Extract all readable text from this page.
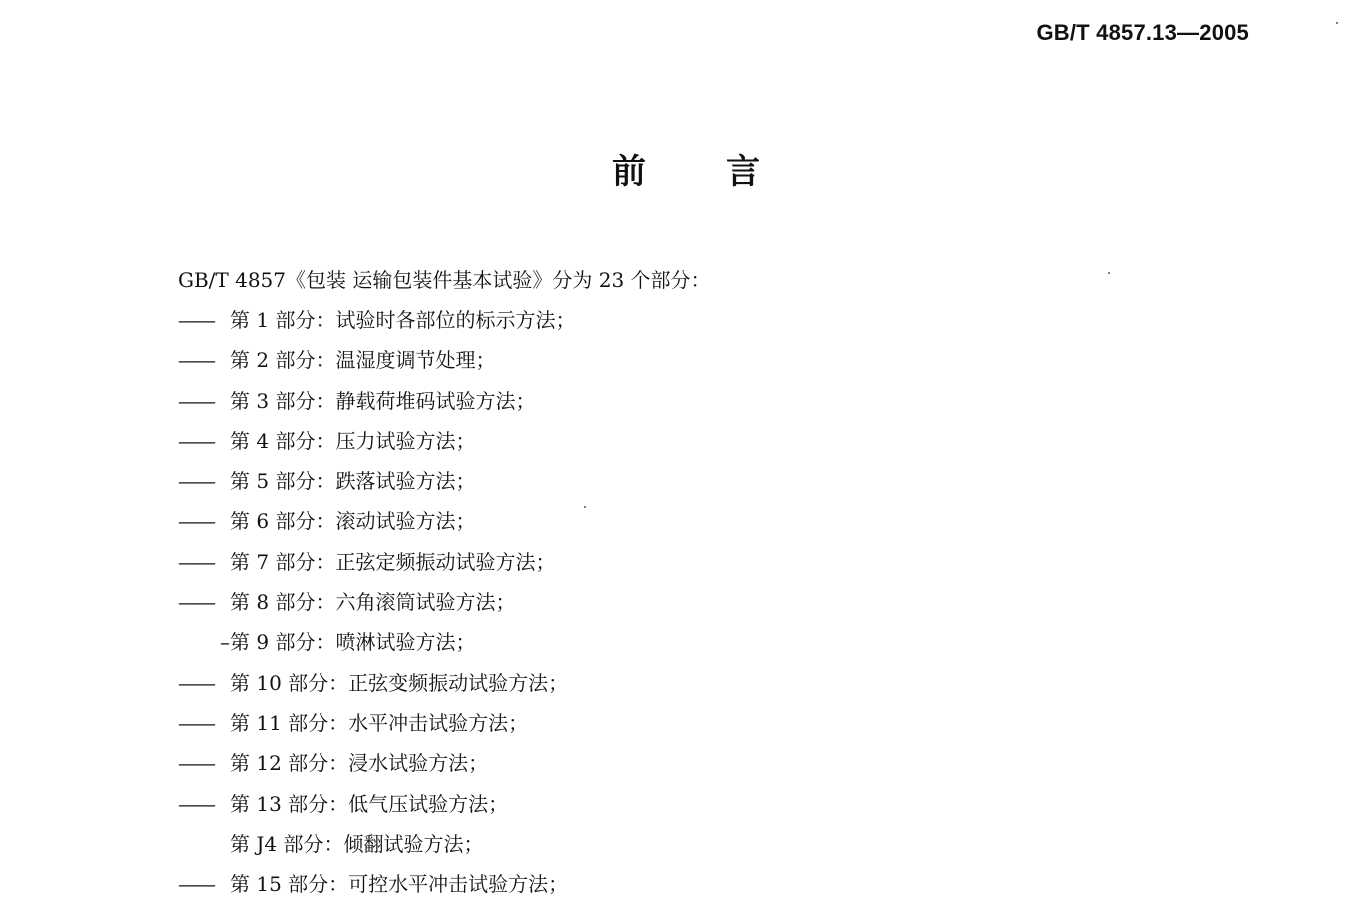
GB/T 4857.13—2005
前言
GB/T 4857《包装 运输包装件基本试验》分为 23 个部分：
—— 第 1 部分：试验时各部位的标示方法；
—— 第 2 部分：温湿度调节处理；
—— 第 3 部分：静载荷堆码试验方法；
—— 第 4 部分：压力试验方法；
—— 第 5 部分：跌落试验方法；
—— 第 6 部分：滚动试验方法；
—— 第 7 部分：正弦定频振动试验方法；
—— 第 8 部分：六角滚筒试验方法；
– 第 9 部分：喷淋试验方法；
—— 第 10 部分：正弦变频振动试验方法；
—— 第 11 部分：水平冲击试验方法；
—— 第 12 部分：浸水试验方法；
—— 第 13 部分：低气压试验方法；
第 J4 部分：倾翻试验方法；
—— 第 15 部分：可控水平冲击试验方法；
